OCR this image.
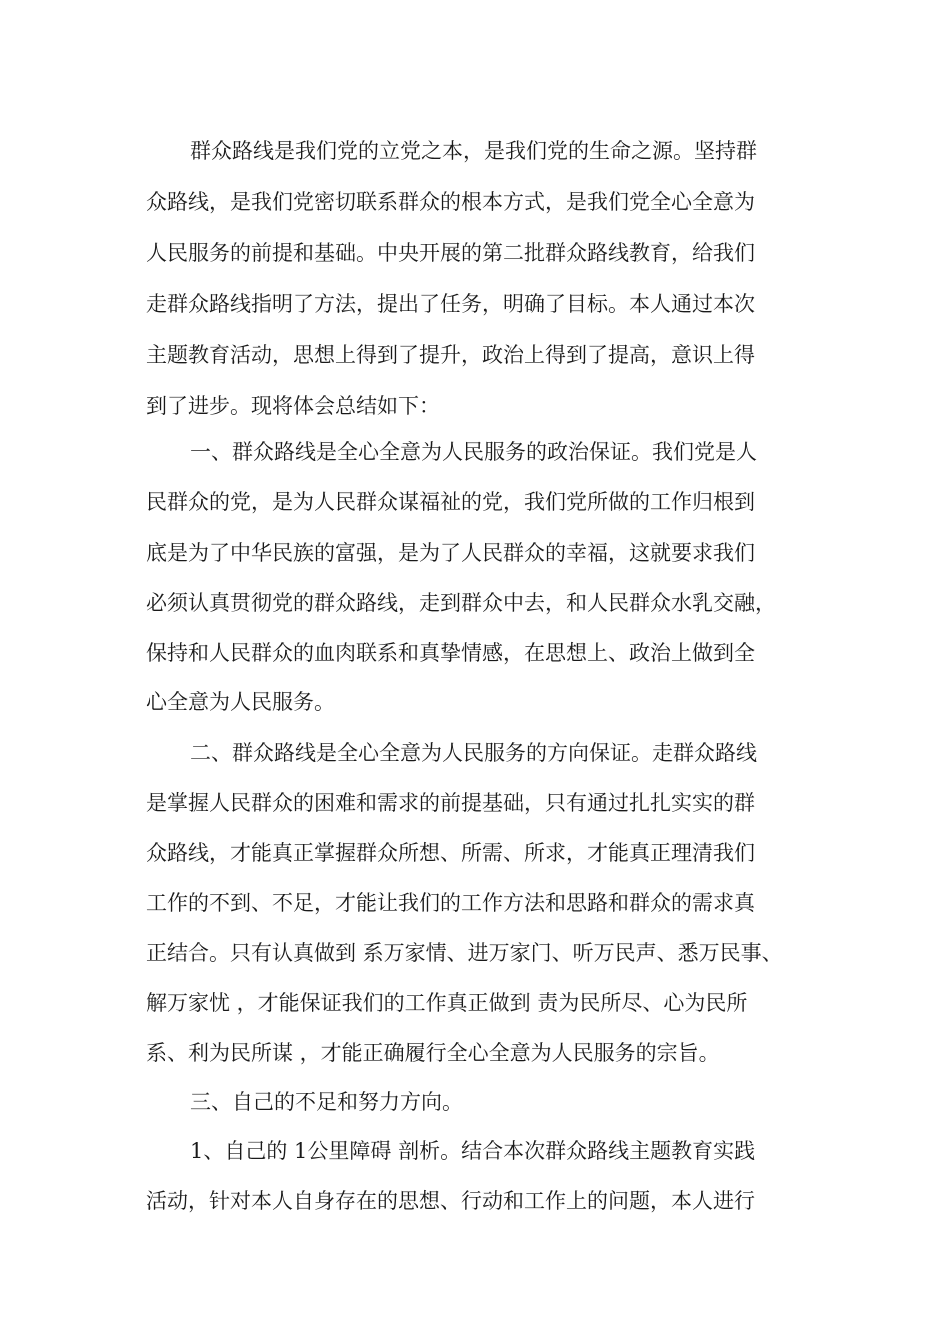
群众路线是我们党的立党之本，是我们党的生命之源。坚持群
众路线，是我们党密切联系群众的根本方式，是我们党全心全意为
人民服务的前提和基础。中央开展的第二批群众路线教育，给我们
走群众路线指明了方法，提出了任务，明确了目标。本人通过本次
主题教育活动，思想上得到了提升，政治上得到了提高，意识上得
到了进步。现将体会总结如下：
一、群众路线是全心全意为人民服务的政治保证。我们党是人
民群众的党，是为人民群众谋福祉的党，我们党所做的工作归根到
底是为了中华民族的富强，是为了人民群众的幸福，这就要求我们
必须认真贯彻党的群众路线，走到群众中去，和人民群众水乳交融，
保持和人民群众的血肉联系和真挚情感，在思想上、政治上做到全
心全意为人民服务。
二、群众路线是全心全意为人民服务的方向保证。走群众路线
是掌握人民群众的困难和需求的前提基础，只有通过扎扎实实的群
众路线，才能真正掌握群众所想、所需、所求，才能真正理清我们
工作的不到、不足，才能让我们的工作方法和思路和群众的需求真
正结合。只有认真做到 系万家情、进万家门、听万民声、悉万民事、
解万家忧 ，才能保证我们的工作真正做到 责为民所尽、心为民所
系、利为民所谋 ，才能正确履行全心全意为人民服务的宗旨。
三、自己的不足和努力方向。
1、自己的 1公里障碍 剖析。结合本次群众路线主题教育实践
活动，针对本人自身存在的思想、行动和工作上的问题，本人进行
